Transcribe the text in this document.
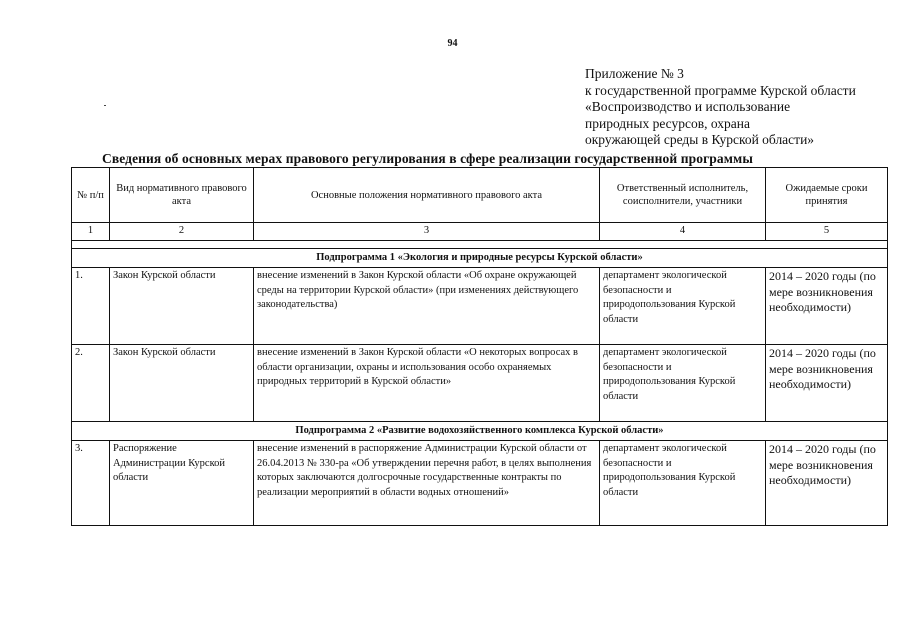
94
Приложение № 3
к государственной программе Курской области
«Воспроизводство и использование
природных ресурсов, охрана
окружающей среды в Курской области»
Сведения об основных мерах правового регулирования в сфере реализации государственной программы
№ п/п	Вид нормативного правового акта	Основные положения нормативного правового акта	Ответственный исполнитель, соисполнители, участники	Ожидаемые сроки принятия
1	2	3	4	5

Подпрограмма 1 «Экология и природные ресурсы Курской области»				
1.	Закон Курской области	внесение изменений в Закон Курской области «Об охране окружающей среды на территории Курской области» (при изменениях действующего законодательства)	департамент экологической безопасности и природопользования Курской области	2014 – 2020 годы (по мере возникновения необходимости)
2.	Закон Курской области	внесение изменений в Закон Курской области «О некоторых вопросах в области организации, охраны и использования особо охраняемых природных территорий в Курской области»	департамент экологической безопасности и природопользования Курской области	2014 – 2020 годы (по мере возникновения необходимости)
Подпрограмма 2 «Развитие водохозяйственного комплекса Курской области»				
3.	Распоряжение Администрации Курской области	внесение изменений в распоряжение Администрации Курской области от 26.04.2013 № 330-ра «Об утверждении перечня работ, в целях выполнения которых заключаются долгосрочные государственные контракты по реализации мероприятий в области водных отношений»	департамент экологической безопасности и природопользования Курской области	2014 – 2020 годы (по мере возникновения необходимости)
